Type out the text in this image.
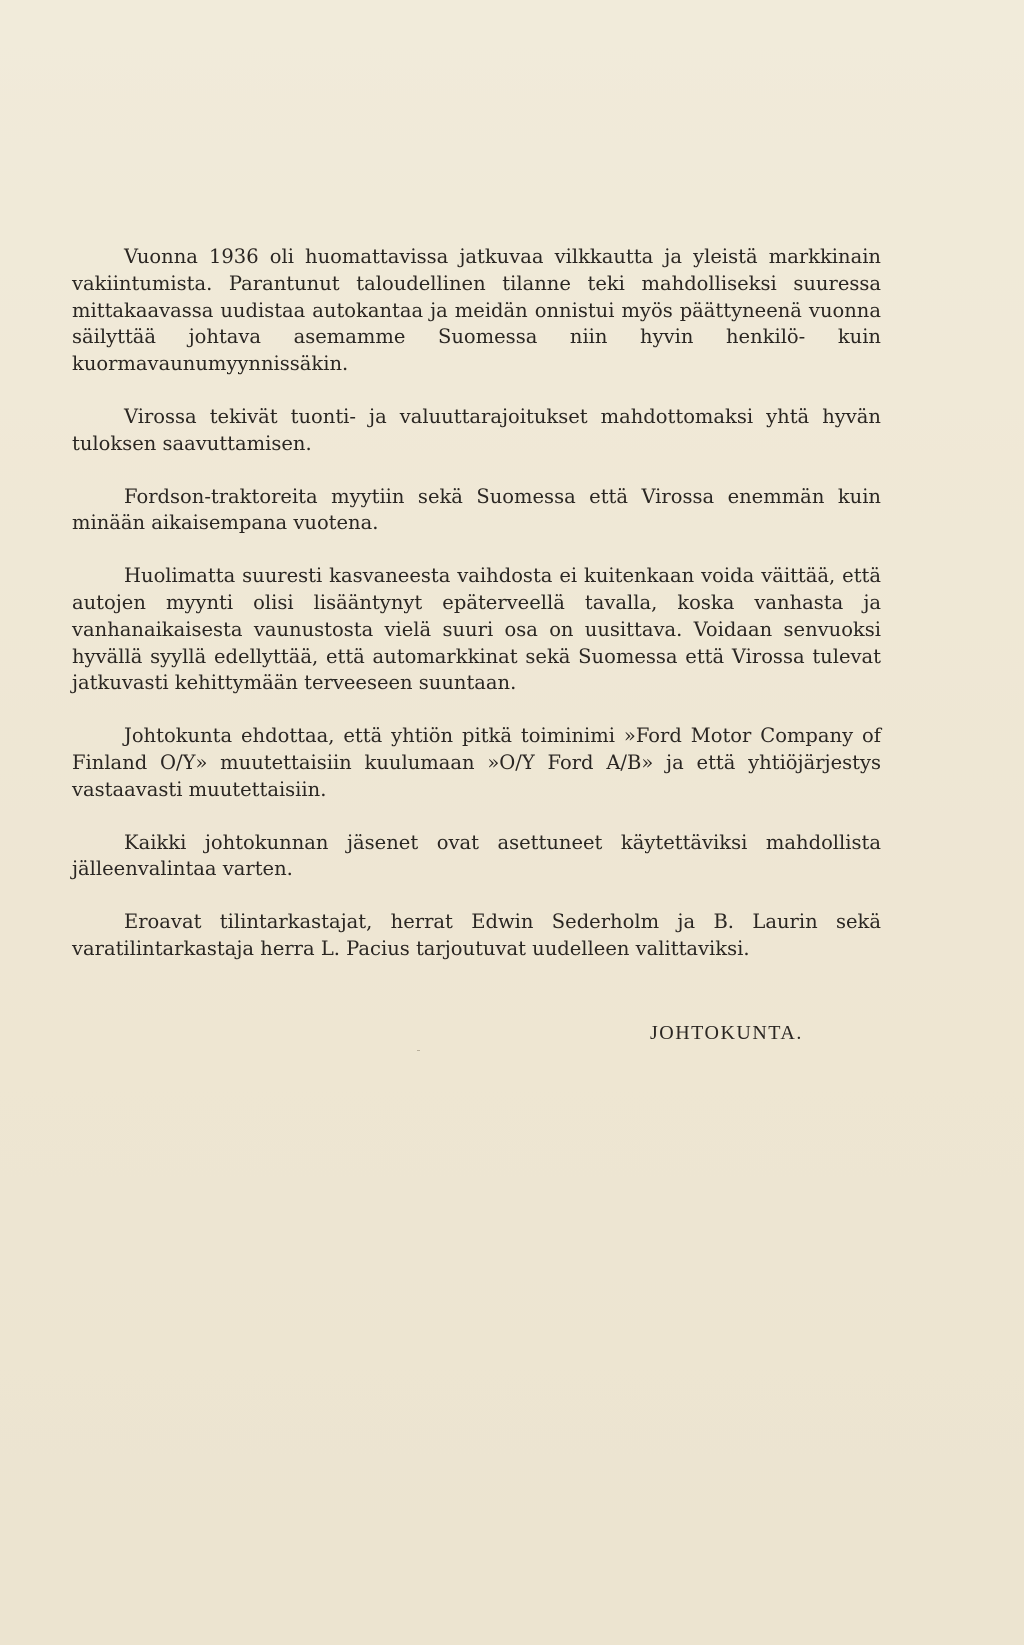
Vuonna 1936 oli huomattavissa jatkuvaa vilkkautta ja yleistä markkinain vakiintumista. Parantunut taloudellinen tilanne teki mahdolliseksi suuressa mittakaavassa uudistaa autokantaa ja meidän onnistui myös päättyneenä vuonna säilyttää johtava asemamme Suomessa niin hyvin henkilö- kuin kuormavaunumyynnissäkin.

Virossa tekivät tuonti- ja valuuttarajoitukset mahdottomaksi yhtä hyvän tuloksen saavuttamisen.

Fordson-traktoreita myytiin sekä Suomessa että Virossa enemmän kuin minään aikaisempana vuotena.

Huolimatta suuresti kasvaneesta vaihdosta ei kuitenkaan voida väittää, että autojen myynti olisi lisääntynyt epäterveellä tavalla, koska vanhasta ja vanhanaikaisesta vaunustosta vielä suuri osa on uusittava. Voidaan senvuoksi hyvällä syyllä edellyttää, että automarkkinat sekä Suomessa että Virossa tulevat jatkuvasti kehittymään terveeseen suuntaan.

Johtokunta ehdottaa, että yhtiön pitkä toiminimi »Ford Motor Company of Finland O/Y» muutettaisiin kuulumaan »O/Y Ford A/B» ja että yhtiöjärjestys vastaavasti muutettaisiin.

Kaikki johtokunnan jäsenet ovat asettuneet käytettäviksi mahdollista jälleenvalintaa varten.

Eroavat tilintarkastajat, herrat Edwin Sederholm ja B. Laurin sekä varatilintarkastaja herra L. Pacius tarjoutuvat uudelleen valittaviksi.

JOHTOKUNTA.
